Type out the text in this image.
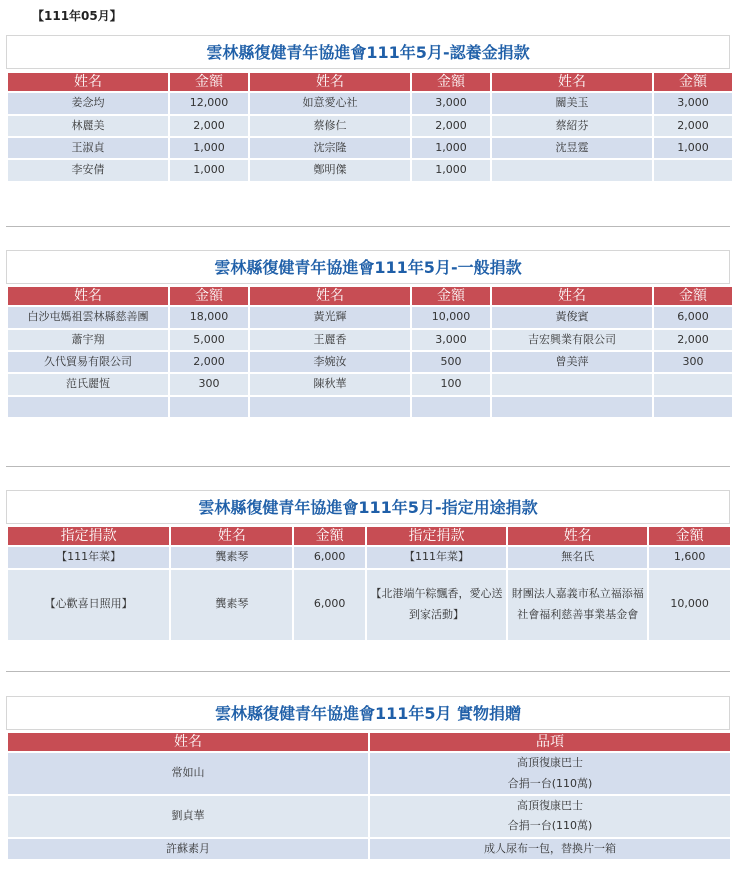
【111年05月】
雲林縣復健青年協進會111年5月-認養金捐款
姓名	金額	姓名	金額	姓名	金額
姜念均	12,000	如意愛心社	3,000	關美玉	3,000
林麗美	2,000	蔡修仁	2,000	蔡紹芬	2,000
王淑貞	1,000	沈宗隆	1,000	沈昱霆	1,000
李安倩	1,000	鄭明傑	1,000		
雲林縣復健青年協進會111年5月-一般捐款
姓名	金額	姓名	金額	姓名	金額
白沙屯媽祖雲林縣慈善團	18,000	黃光輝	10,000	黃俊賓	6,000
蕭宇翔	5,000	王麗香	3,000	吉宏興業有限公司	2,000
久代貿易有限公司	2,000	李婉汝	500	曾美萍	300
范氏麗恆	300	陳秋華	100		

雲林縣復健青年協進會111年5月-指定用途捐款
指定捐款	姓名	金額	指定捐款	姓名	金額
【111年菜】	龔素琴	6,000	【111年菜】	無名氏	1,600
【心歡喜日照用】	龔素琴	6,000	【北港端午粽飄香，愛心送到家活動】	財團法人嘉義市私立福添福社會福利慈善事業基金會	10,000
雲林縣復健青年協進會111年5月 實物捐贈
姓名	品項
常如山	高頂復康巴士
合捐一台(110萬)

劉貞華	高頂復康巴士
合捐一台(110萬)

許蘇素月	成人尿布一包，替換片一箱
